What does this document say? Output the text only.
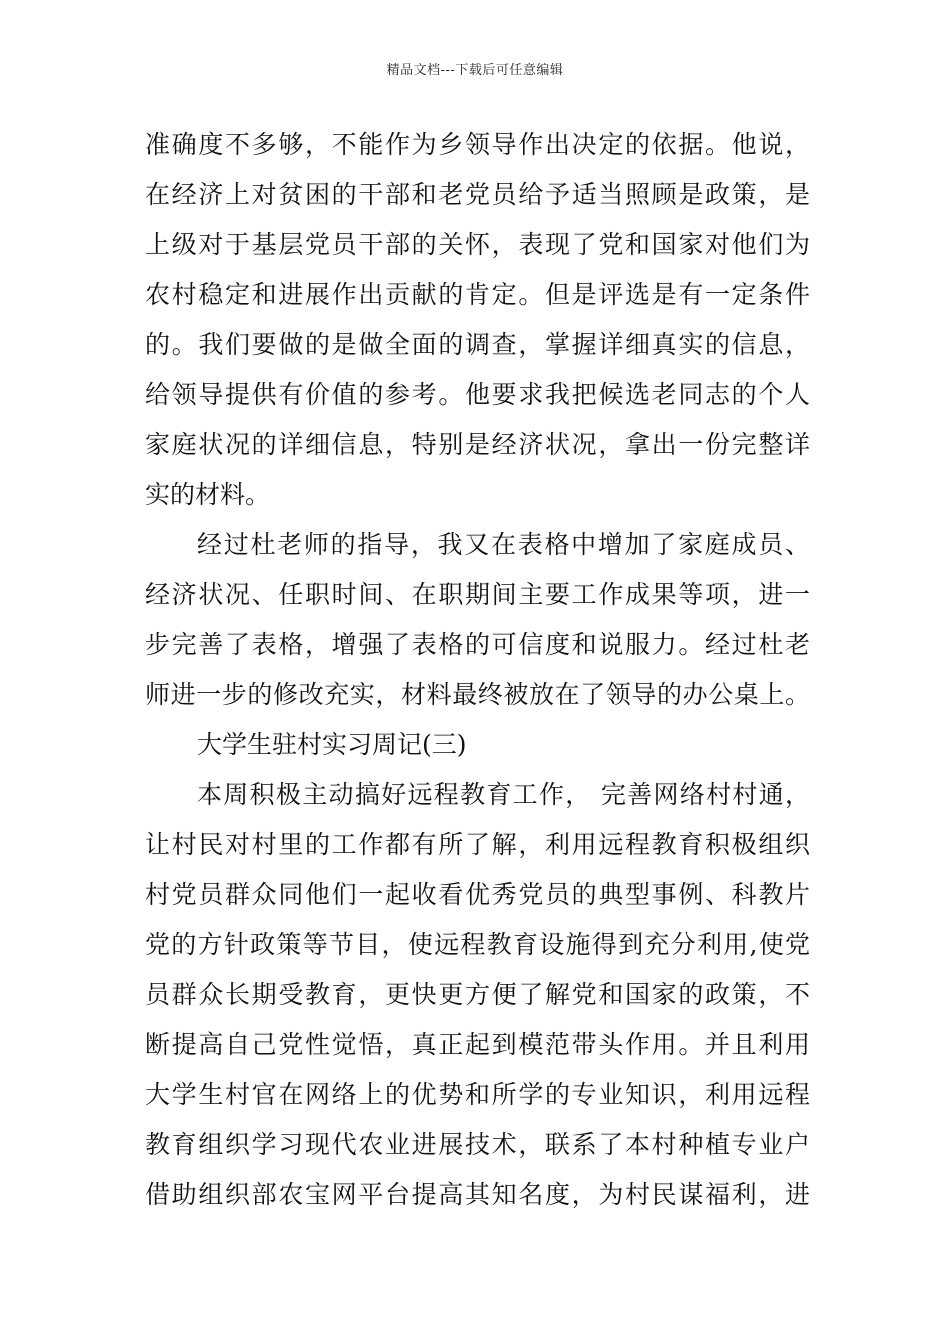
精品文档---下载后可任意编辑
准确度不多够，不能作为乡领导作出决定的依据。他说，
在经济上对贫困的干部和老党员给予适当照顾是政策，是
上级对于基层党员干部的关怀，表现了党和国家对他们为
农村稳定和进展作出贡献的肯定。但是评选是有一定条件
的。我们要做的是做全面的调查，掌握详细真实的信息，
给领导提供有价值的参考。他要求我把候选老同志的个人
家庭状况的详细信息，特别是经济状况，拿出一份完整详
实的材料。
经过杜老师的指导，我又在表格中增加了家庭成员、
经济状况、任职时间、在职期间主要工作成果等项，进一
步完善了表格，增强了表格的可信度和说服力。经过杜老
师进一步的修改充实，材料最终被放在了领导的办公桌上。
大学生驻村实习周记(三)
本周积极主动搞好远程教育工作， 完善网络村村通，
让村民对村里的工作都有所了解，利用远程教育积极组织
村党员群众同他们一起收看优秀党员的典型事例、科教片
党的方针政策等节目，使远程教育设施得到充分利用,使党
员群众长期受教育，更快更方便了解党和国家的政策，不
断提高自己党性觉悟，真正起到模范带头作用。并且利用
大学生村官在网络上的优势和所学的专业知识，利用远程
教育组织学习现代农业进展技术，联系了本村种植专业户
借助组织部农宝网平台提高其知名度，为村民谋福利，进
